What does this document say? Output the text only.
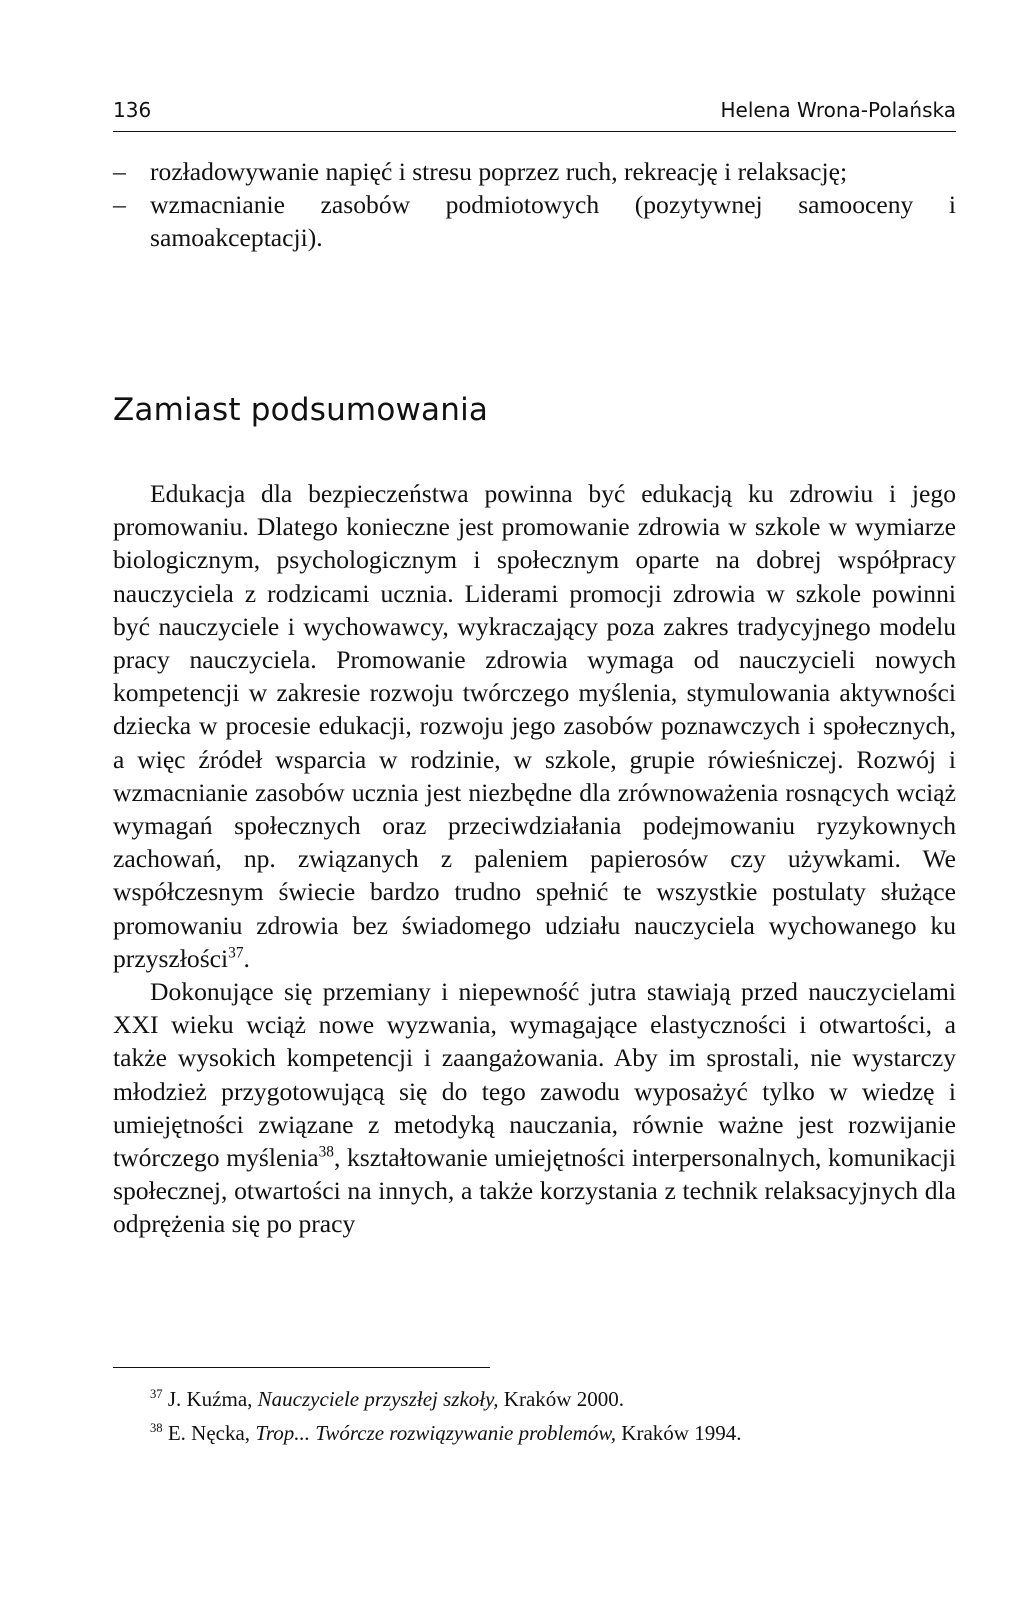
136	Helena Wrona-Polańska
– rozładowywanie napięć i stresu poprzez ruch, rekreację i relaksację;
– wzmacnianie zasobów podmiotowych (pozytywnej samooceny i samoakceptacji).
Zamiast podsumowania

Edukacja dla bezpieczeństwa powinna być edukacją ku zdrowiu i jego promowaniu. Dlatego konieczne jest promowanie zdrowia w szkole w wymiarze biologicznym, psychologicznym i społecznym oparte na dobrej współpracy nauczyciela z rodzicami ucznia. Liderami promocji zdrowia w szkole powinni być nauczyciele i wychowawcy, wykraczający poza zakres tradycyjnego modelu pracy nauczyciela. Promowanie zdrowia wymaga od nauczycieli nowych kompetencji w zakresie rozwoju twórczego myślenia, stymulowania aktywności dziecka w procesie edukacji, rozwoju jego zasobów poznawczych i społecznych, a więc źródeł wsparcia w rodzinie, w szkole, grupie rówieśniczej. Rozwój i wzmacnianie zasobów ucznia jest niezbędne dla zrównoważenia rosnących wciąż wymagań społecznych oraz przeciwdziałania podejmowaniu ryzykownych zachowań, np. związanych z paleniem papierosów czy używkami. We współczesnym świecie bardzo trudno spełnić te wszystkie postulaty służące promowaniu zdrowia bez świadomego udziału nauczyciela wychowanego ku przyszłości$^{37}$.

Dokonujące się przemiany i niepewność jutra stawiają przed nauczycielami XXI wieku wciąż nowe wyzwania, wymagające elastyczności i otwartości, a także wysokich kompetencji i zaangażowania. Aby im sprostali, nie wystarczy młodzież przygotowującą się do tego zawodu wyposażyć tylko w wiedzę i umiejętności związane z metodyką nauczania, równie ważne jest rozwijanie twórczego myślenia$^{38}$, kształtowanie umiejętności interpersonalnych, komunikacji społecznej, otwartości na innych, a także korzystania z technik relaksacyjnych dla odprężenia się po pracy

$^{37}$ J. Kuźma, Nauczyciele przyszłej szkoły, Kraków 2000.
$^{38}$ E. Nęcka, Trop... Twórcze rozwiązywanie problemów, Kraków 1994.
